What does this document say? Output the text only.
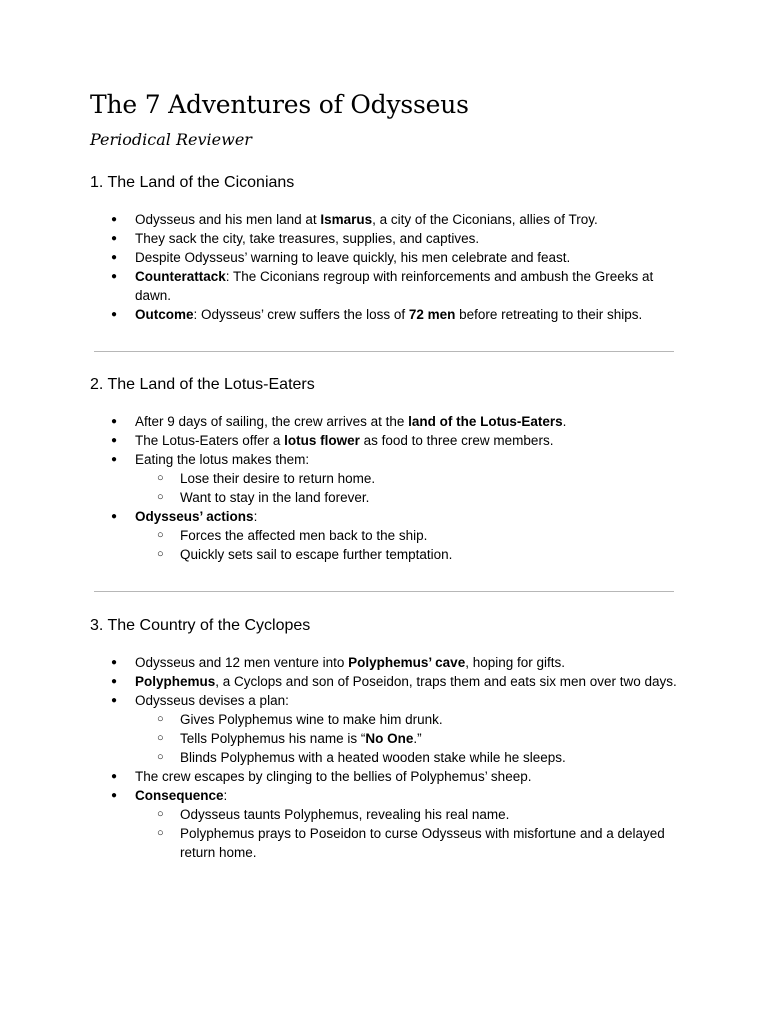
The 7 Adventures of Odysseus

Periodical Reviewer

1. The Land of the Ciconians
● Odysseus and his men land at Ismarus, a city of the Ciconians, allies of Troy.
● They sack the city, take treasures, supplies, and captives.
● Despite Odysseus’ warning to leave quickly, his men celebrate and feast.
● Counterattack: The Ciconians regroup with reinforcements and ambush the Greeks at dawn.
● Outcome: Odysseus’ crew suffers the loss of 72 men before retreating to their ships.
2. The Land of the Lotus-Eaters
● After 9 days of sailing, the crew arrives at the land of the Lotus-Eaters.
● The Lotus-Eaters offer a lotus flower as food to three crew members.
● Eating the lotus makes them:
○ Lose their desire to return home.
○ Want to stay in the land forever.
● Odysseus’ actions:
○ Forces the affected men back to the ship.
○ Quickly sets sail to escape further temptation.
3. The Country of the Cyclopes
● Odysseus and 12 men venture into Polyphemus’ cave, hoping for gifts.
● Polyphemus, a Cyclops and son of Poseidon, traps them and eats six men over two days.
● Odysseus devises a plan:
○ Gives Polyphemus wine to make him drunk.
○ Tells Polyphemus his name is “No One.”
○ Blinds Polyphemus with a heated wooden stake while he sleeps.
● The crew escapes by clinging to the bellies of Polyphemus’ sheep.
● Consequence:
○ Odysseus taunts Polyphemus, revealing his real name.
○ Polyphemus prays to Poseidon to curse Odysseus with misfortune and a delayed return home.
